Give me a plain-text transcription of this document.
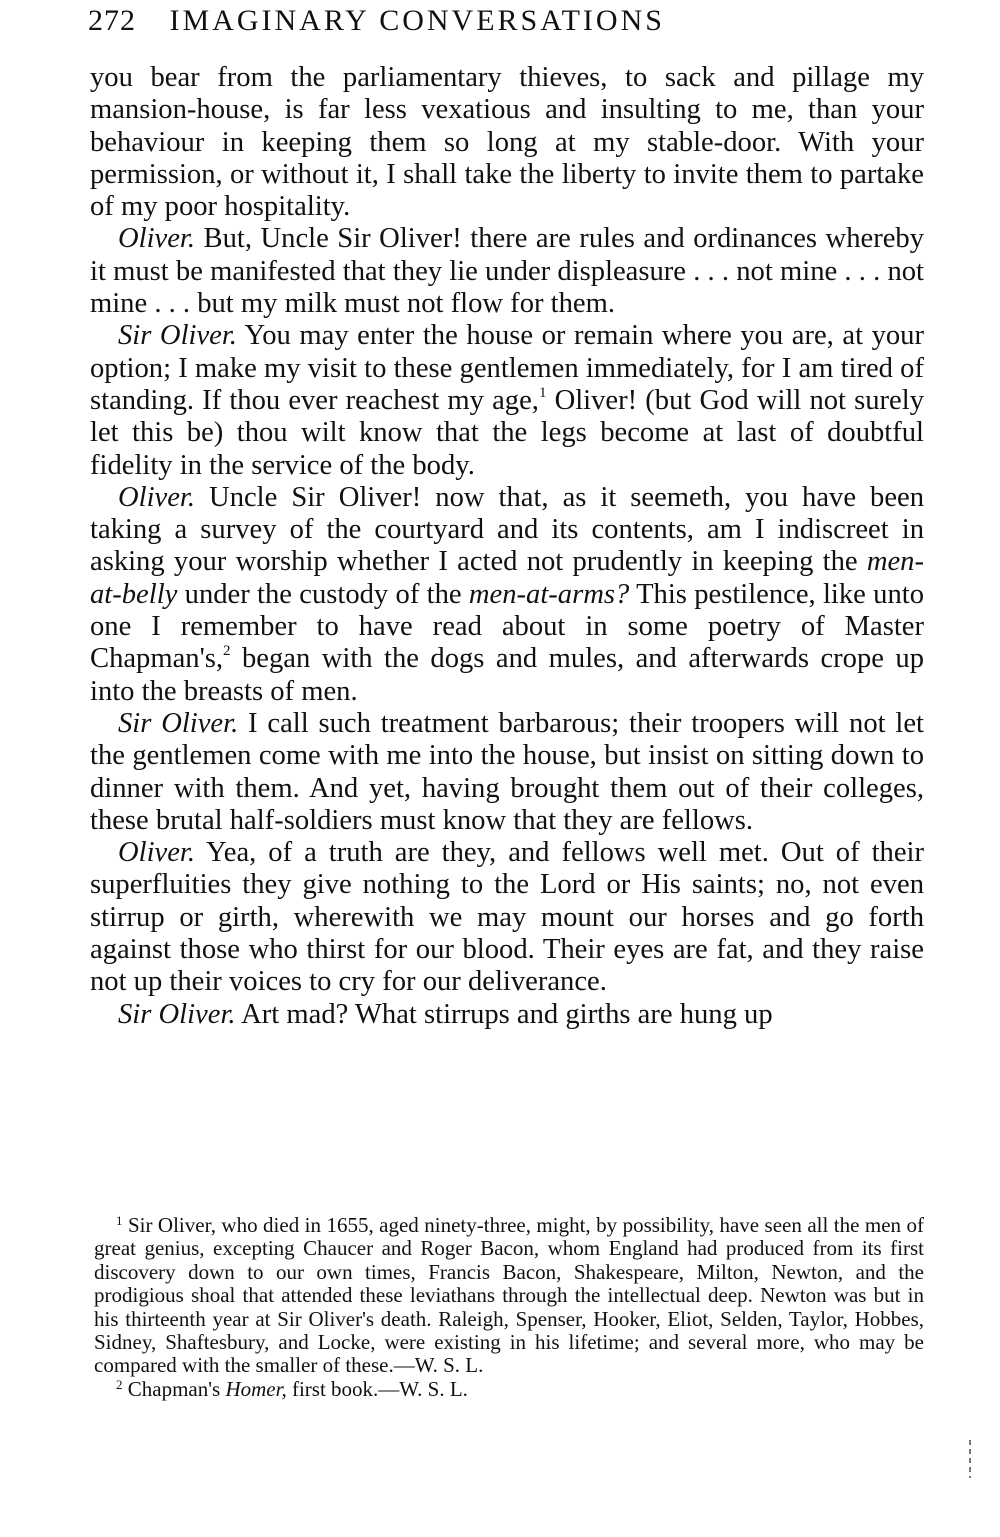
272 IMAGINARY CONVERSATIONS

you bear from the parliamentary thieves, to sack and pillage my mansion-house, is far less vexatious and insulting to me, than your behaviour in keeping them so long at my stable-door. With your permission, or without it, I shall take the liberty to invite them to partake of my poor hospitality.

Oliver. But, Uncle Sir Oliver! there are rules and ordinances whereby it must be manifested that they lie under displeasure . . . not mine . . . not mine . . . but my milk must not flow for them.

Sir Oliver. You may enter the house or remain where you are, at your option; I make my visit to these gentlemen immediately, for I am tired of standing. If thou ever reachest my age,$^1$ Oliver! (but God will not surely let this be) thou wilt know that the legs become at last of doubtful fidelity in the service of the body.

Oliver. Uncle Sir Oliver! now that, as it seemeth, you have been taking a survey of the courtyard and its contents, am I indiscreet in asking your worship whether I acted not prudently in keeping the men-at-belly under the custody of the men-at-arms? This pestilence, like unto one I remember to have read about in some poetry of Master Chapman's,$^2$ began with the dogs and mules, and afterwards crope up into the breasts of men.

Sir Oliver. I call such treatment barbarous; their troopers will not let the gentlemen come with me into the house, but insist on sitting down to dinner with them. And yet, having brought them out of their colleges, these brutal half-soldiers must know that they are fellows.

Oliver. Yea, of a truth are they, and fellows well met. Out of their superfluities they give nothing to the Lord or His saints; no, not even stirrup or girth, wherewith we may mount our horses and go forth against those who thirst for our blood. Their eyes are fat, and they raise not up their voices to cry for our deliverance.

Sir Oliver. Art mad? What stirrups and girths are hung up

$^1$ Sir Oliver, who died in 1655, aged ninety-three, might, by possibility, have seen all the men of great genius, excepting Chaucer and Roger Bacon, whom England had produced from its first discovery down to our own times, Francis Bacon, Shakespeare, Milton, Newton, and the prodigious shoal that attended these leviathans through the intellectual deep. Newton was but in his thirteenth year at Sir Oliver's death. Raleigh, Spenser, Hooker, Eliot, Selden, Taylor, Hobbes, Sidney, Shaftesbury, and Locke, were existing in his lifetime; and several more, who may be compared with the smaller of these.—W. S. L.

$^2$ Chapman's Homer, first book.—W. S. L.
